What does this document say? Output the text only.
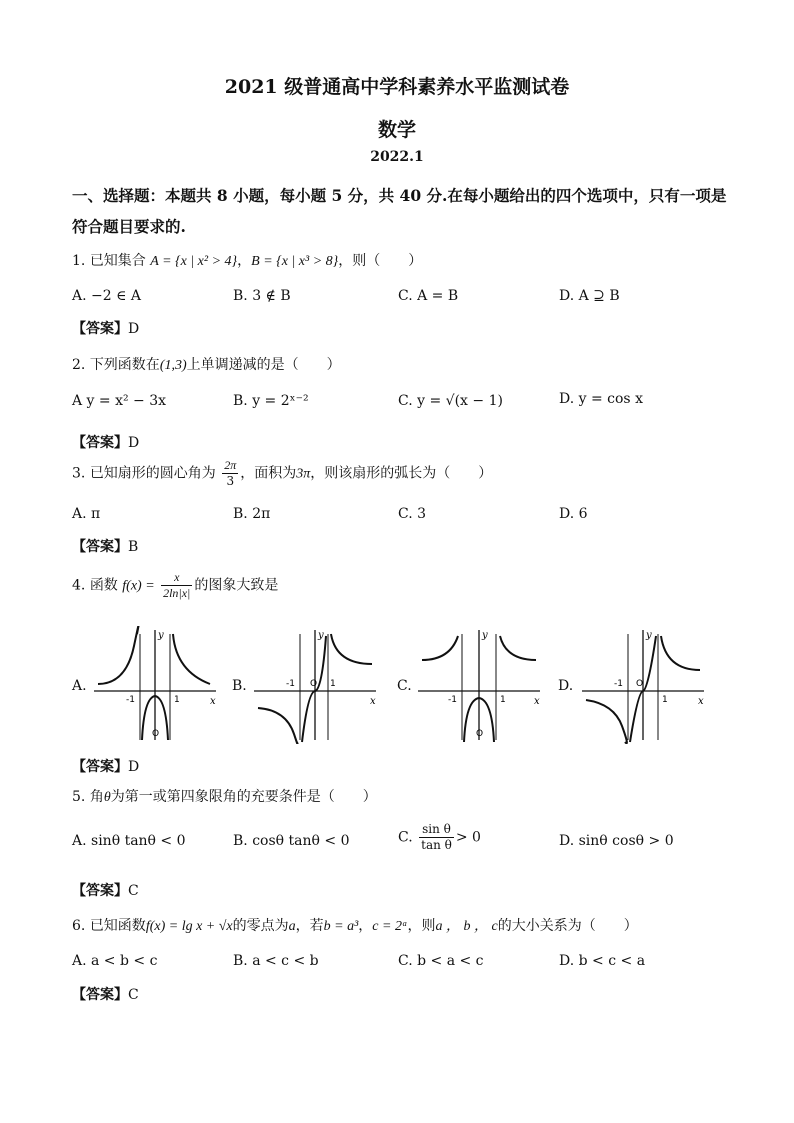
2021 级普通高中学科素养水平监测试卷
数学
2022.1
一、选择题：本题共 8 小题，每小题 5 分，共 40 分.在每小题给出的四个选项中，只有一项是符合题目要求的.
1. 已知集合 A = {x | x² > 4}，B = {x | x³ > 8}，则（　　）
A. −2 ∈ A	B. 3 ∉ B	C. A = B	D. A ⊇ B
【答案】D
2. 下列函数在(1,3)上单调递减的是（　　）
A y = x² − 3x	B. y = 2ˣ⁻²	C. y = √(x − 1)	D. y = cos x
【答案】D
3. 已知扇形的圆心角为 $\frac{2\pi}{3}$ ，面积为3π，则该扇形的弧长为（　　）
A. π	B. 2π	C. 3	D. 6
【答案】B
4. 函数 $f(x) = \frac{x}{2\ln|x|}$ 的图象大致是
A.	B.	C.	D.
O
-1	1
y
x
O
-1	1
y
x
O
-1	1
y
x
O
-1
1
y
x
【答案】D
5. 角θ为第一或第四象限角的充要条件是（　　）
A. sinθ tanθ < 0	B. cosθ tanθ < 0	C. $\frac{\text{sin θ}}{\text{tan θ}} > 0$	D. sinθ cosθ > 0
【答案】C
6. 已知函数f(x) = lg x + √x的零点为a，若b = a³，c = 2ᵃ，则a ， b ， c的大小关系为（　　）
A. a < b < c	B. a < c < b	C. b < a < c	D. b < c < a
【答案】C
